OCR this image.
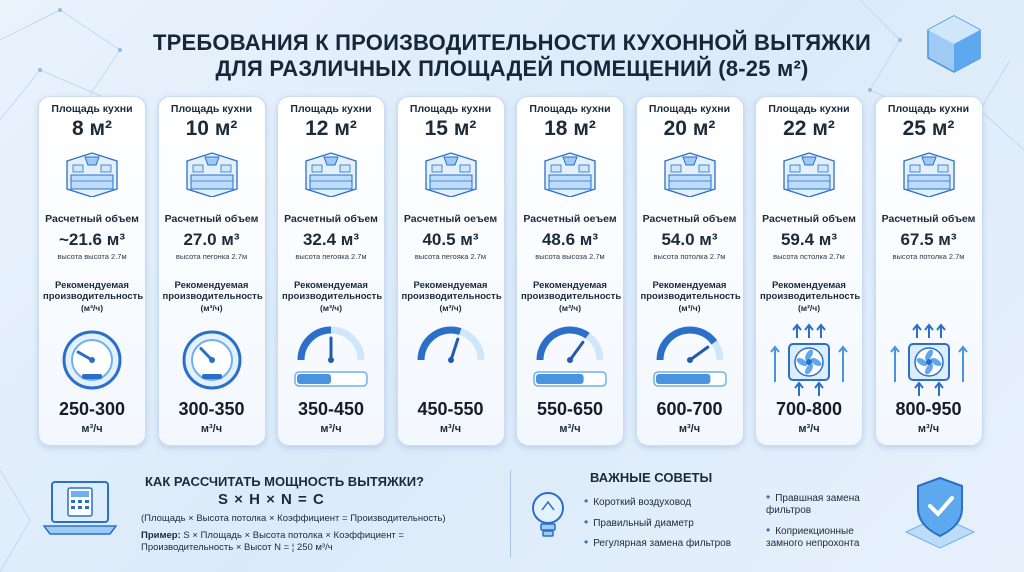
ТРЕБОВАНИЯ К ПРОИЗВОДИТЕЛЬНОСТИ КУХОННОЙ ВЫТЯЖКИ
ДЛЯ РАЗЛИЧНЫХ ПЛОЩАДЕЙ ПОМЕЩЕНИЙ (8-25 м²)
Площадь кухни
8 м²
Расчетный объем
~21.6 м³
высота высота 2.7м
Рекомендуемая производительность
(м³/ч)
250-300
м³/ч
Площадь кухни
10 м²
Расчетный объем
27.0 м³
высота пегонка 2.7м
Рекомендуемая производительность
(м³/ч)
300-350
м³/ч
Площадь кухни
12 м²
Расчетный объем
32.4 м³
высота пегояка 2.7м
Рекомендуемая производительность
(м³/ч)
350-450
м³/ч
Площадь кухни
15 м²
Расчетный оеъем
40.5 м³
высота пегояка 2.7м
Рекомендуемая производительность
(м³/ч)
450-550
м³/ч
Площадь кухни
18 м²
Расчетный оеъем
48.6 м³
высота высоза 2.7м
Рекомендуемая производительность
(м³/ч)
550-650
м³/ч
Площадь кухни
20 м²
Расчетный объем
54.0 м³
высота потолка 2.7м
Рекомендуемая производительность
(м³/ч)
600-700
м³/ч
Площадь кухни
22 м²
Расчетный объем
59.4 м³
высота пстолка 2.7м
Рекомендуемая производительность
(м²/ч)
700-800
м³/ч
Площадь кухни
25 м²
Расчетный объем
67.5 м³
высота потолка 2.7м
800-950
м³/ч
КАК РАССЧИТАТЬ МОЩНОСТЬ ВЫТЯЖКИ?
S × H × N = C
(Площадь × Высота потолка × Коэффициент = Производительность)
Пример: S × Площадь × Высота потолка × Коэффициент = Производительность × Высот N = ¦ 250 м³/ч
ВАЖНЫЕ СОВЕТЫ
• Короткий воздуховод
• Правильный диаметр
• Регулярная замена фильтров
• Правшная замена фильтров
• Коприекционные замного непрохонта
